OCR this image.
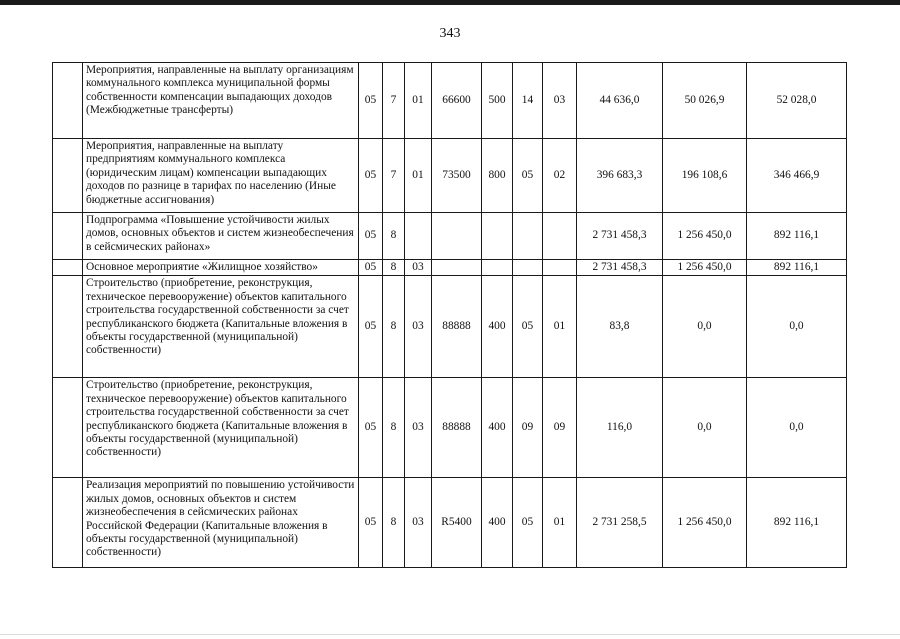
343
	Мероприятия, направленные на выплату организациям коммунального комплекса муниципальной формы собственности компенсации выпадающих доходов (Межбюджетные трансферты)	05	7	01	66600	500	14	03	44 636,0	50 026,9	52 028,0
	Мероприятия, направленные на выплату предприятиям коммунального комплекса (юридическим лицам) компенсации выпадающих доходов по разнице в тарифах по населению (Иные бюджетные ассигнования)	05	7	01	73500	800	05	02	396 683,3	196 108,6	346 466,9
	Подпрограмма «Повышение устойчивости жилых домов, основных объектов и систем жизнеобеспечения в сейсмических районах»	05	8						2 731 458,3	1 256 450,0	892 116,1
	Основное мероприятие «Жилищное хозяйство»	05	8	03					2 731 458,3	1 256 450,0	892 116,1
	Строительство (приобретение, реконструкция, техническое перевооружение) объектов капитального строительства государственной собственности за счет республиканского бюджета (Капитальные вложения в объекты государственной (муниципальной) собственности)	05	8	03	88888	400	05	01	83,8	0,0	0,0
	Строительство (приобретение, реконструкция, техническое перевооружение) объектов капитального строительства государственной собственности за счет республиканского бюджета (Капитальные вложения в объекты государственной (муниципальной) собственности)	05	8	03	88888	400	09	09	116,0	0,0	0,0
	Реализация мероприятий по повышению устойчивости жилых домов, основных объектов и систем жизнеобеспечения в сейсмических районах Российской Федерации (Капитальные вложения в объекты государственной (муниципальной) собственности)	05	8	03	R5400	400	05	01	2 731 258,5	1 256 450,0	892 116,1
